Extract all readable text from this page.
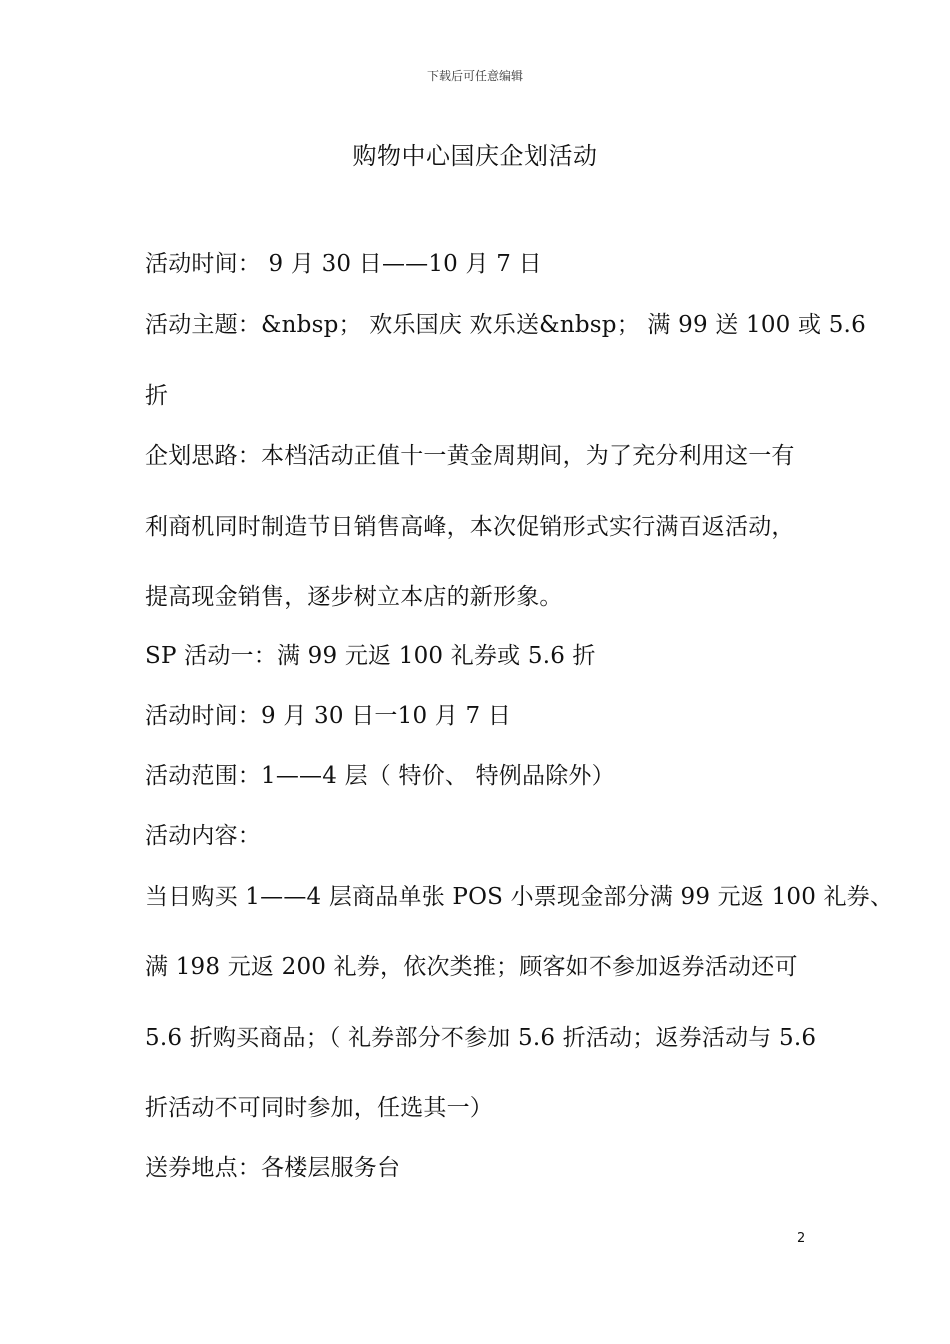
下载后可任意编辑
购物中心国庆企划活动
活动时间： 9 月 30 日——10 月 7 日
活动主题：&nbsp； 欢乐国庆 欢乐送&nbsp； 满 99 送 100 或 5.6
折
企划思路：本档活动正值十一黄金周期间，为了充分利用这一有
利商机同时制造节日销售高峰，本次促销形式实行满百返活动，
提高现金销售，逐步树立本店的新形象。
SP 活动一：满 99 元返 100 礼券或 5.6 折
活动时间：9 月 30 日一10 月 7 日
活动范围：1——4 层（ 特价、 特例品除外）
活动内容：
当日购买 1——4 层商品单张 POS 小票现金部分满 99 元返 100 礼券、
满 198 元返 200 礼券，依次类推；顾客如不参加返券活动还可
5.6 折购买商品；（ 礼券部分不参加 5.6 折活动；返券活动与 5.6
折活动不可同时参加，任选其一）
送券地点：各楼层服务台
2
